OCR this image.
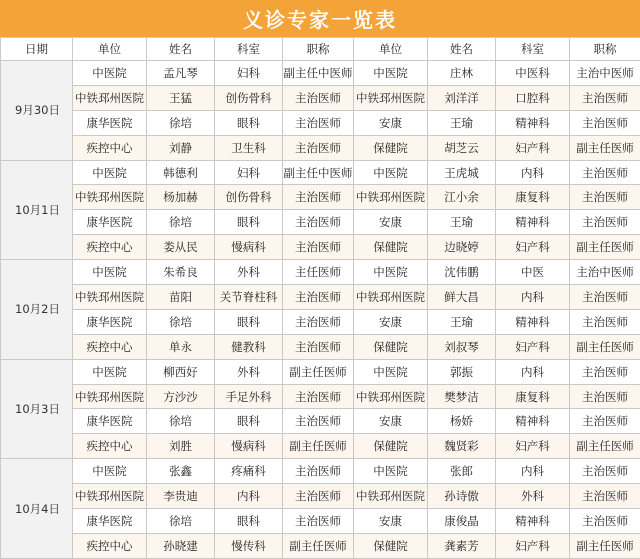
义诊专家一览表
日期	单位	姓名	科室	职称	单位	姓名	科室	职称
9月30日	中医院	孟凡琴	妇科	副主任中医师	中医院	庄林	中医科	主治中医师
	中铁邳州医院	王猛	创伤骨科	主治医师	中铁邳州医院	刘洋洋	口腔科	主治医师
	康华医院	徐培	眼科	主治医师	安康	王瑜	精神科	主治医师
	疾控中心	刘静	卫生科	主治医师	保健院	胡芝云	妇产科	副主任医师
10月1日	中医院	韩德利	妇科	副主任中医师	中医院	王虎城	内科	主治医师
	中铁邳州医院	杨加赫	创伤骨科	主治医师	中铁邳州医院	江小余	康复科	主治医师
	康华医院	徐培	眼科	主治医师	安康	王瑜	精神科	主治医师
	疾控中心	娄从民	慢病科	主治医师	保健院	边晓婷	妇产科	副主任医师
10月2日	中医院	朱希良	外科	主任医师	中医院	沈伟鹏	中医	主治中医师
	中铁邳州医院	苗阳	关节脊柱科	主治医师	中铁邳州医院	鲜大昌	内科	主治医师
	康华医院	徐培	眼科	主治医师	安康	王瑜	精神科	主治医师
	疾控中心	单永	健教科	主治医师	保健院	刘叔琴	妇产科	副主任医师
10月3日	中医院	柳西好	外科	副主任医师	中医院	郭振	内科	主治医师
	中铁邳州医院	方沙沙	手足外科	主治医师	中铁邳州医院	樊梦洁	康复科	主治医师
	康华医院	徐培	眼科	主治医师	安康	杨娇	精神科	主治医师
	疾控中心	刘胜	慢病科	副主任医师	保健院	魏贤彩	妇产科	副主任医师
10月4日	中医院	张鑫	疼痛科	主治医师	中医院	张郎	内科	主治医师
	中铁邳州医院	李贵迪	内科	主治医师	中铁邳州医院	孙诗傲	外科	主治医师
	康华医院	徐培	眼科	主治医师	安康	康俊晶	精神科	主治医师
	疾控中心	孙晓建	慢传科	副主任医师	保健院	龚素芳	妇产科	副主任医师
